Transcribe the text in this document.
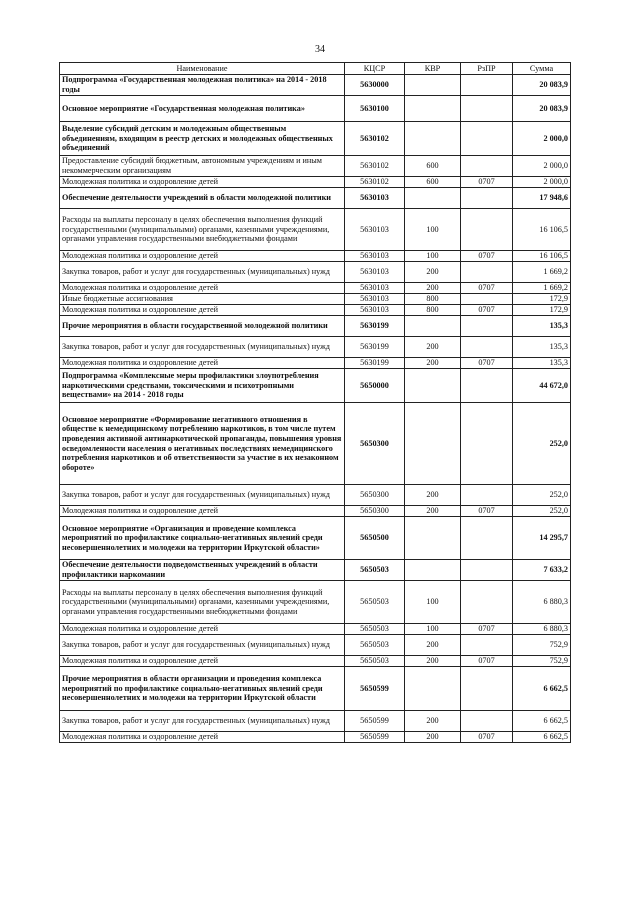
34
Наименование	КЦСР	КВР	РзПР	Сумма
Подпрограмма «Государственная молодежная политика» на 2014 - 2018 годы	5630000			20 083,9
Основное мероприятие «Государственная молодежная политика»	5630100			20 083,9
Выделение субсидий детским и молодежным общественным объединениям, входящим в реестр детских и молодежных общественных объединений	5630102			2 000,0
Предоставление субсидий бюджетным, автономным учреждениям и иным некоммерческим организациям	5630102	600		2 000,0
Молодежная политика и оздоровление детей	5630102	600	0707	2 000,0
Обеспечение деятельности учреждений в области молодежной политики	5630103			17 948,6
Расходы на выплаты персоналу в целях обеспечения выполнения функций государственными (муниципальными) органами, казенными учреждениями, органами управления государственными внебюджетными фондами	5630103	100		16 106,5
Молодежная политика и оздоровление детей	5630103	100	0707	16 106,5
Закупка товаров, работ и услуг для государственных (муниципальных) нужд	5630103	200		1 669,2
Молодежная политика и оздоровление детей	5630103	200	0707	1 669,2
Иные бюджетные ассигнования	5630103	800		172,9
Молодежная политика и оздоровление детей	5630103	800	0707	172,9
Прочие мероприятия в области государственной молодежной политики	5630199			135,3
Закупка товаров, работ и услуг для государственных (муниципальных) нужд	5630199	200		135,3
Молодежная политика и оздоровление детей	5630199	200	0707	135,3
Подпрограмма «Комплексные меры профилактики злоупотребления наркотическими средствами, токсическими и психотропными веществами» на 2014 - 2018 годы	5650000			44 672,0
Основное мероприятие «Формирование негативного отношения в обществе к немедицинскому потреблению наркотиков, в том числе путем проведения активной антинаркотической пропаганды, повышения уровня осведомленности населения о негативных последствиях немедицинского потребления наркотиков и об ответственности за участие в их незаконном обороте»	5650300			252,0
Закупка товаров, работ и услуг для государственных (муниципальных) нужд	5650300	200		252,0
Молодежная политика и оздоровление детей	5650300	200	0707	252,0
Основное мероприятие «Организация и проведение комплекса мероприятий по профилактике социально-негативных явлений среди несовершеннолетних и молодежи на территории Иркутской области»	5650500			14 295,7
Обеспечение деятельности подведомственных учреждений в области профилактики наркомании	5650503			7 633,2
Расходы на выплаты персоналу в целях обеспечения выполнения функций государственными (муниципальными) органами, казенными учреждениями, органами управления государственными внебюджетными фондами	5650503	100		6 880,3
Молодежная политика и оздоровление детей	5650503	100	0707	6 880,3
Закупка товаров, работ и услуг для государственных (муниципальных) нужд	5650503	200		752,9
Молодежная политика и оздоровление детей	5650503	200	0707	752,9
Прочие мероприятия в области организации и проведения комплекса мероприятий по профилактике социально-негативных явлений среди несовершеннолетних и молодежи на территории Иркутской области	5650599			6 662,5
Закупка товаров, работ и услуг для государственных (муниципальных) нужд	5650599	200		6 662,5
Молодежная политика и оздоровление детей	5650599	200	0707	6 662,5
